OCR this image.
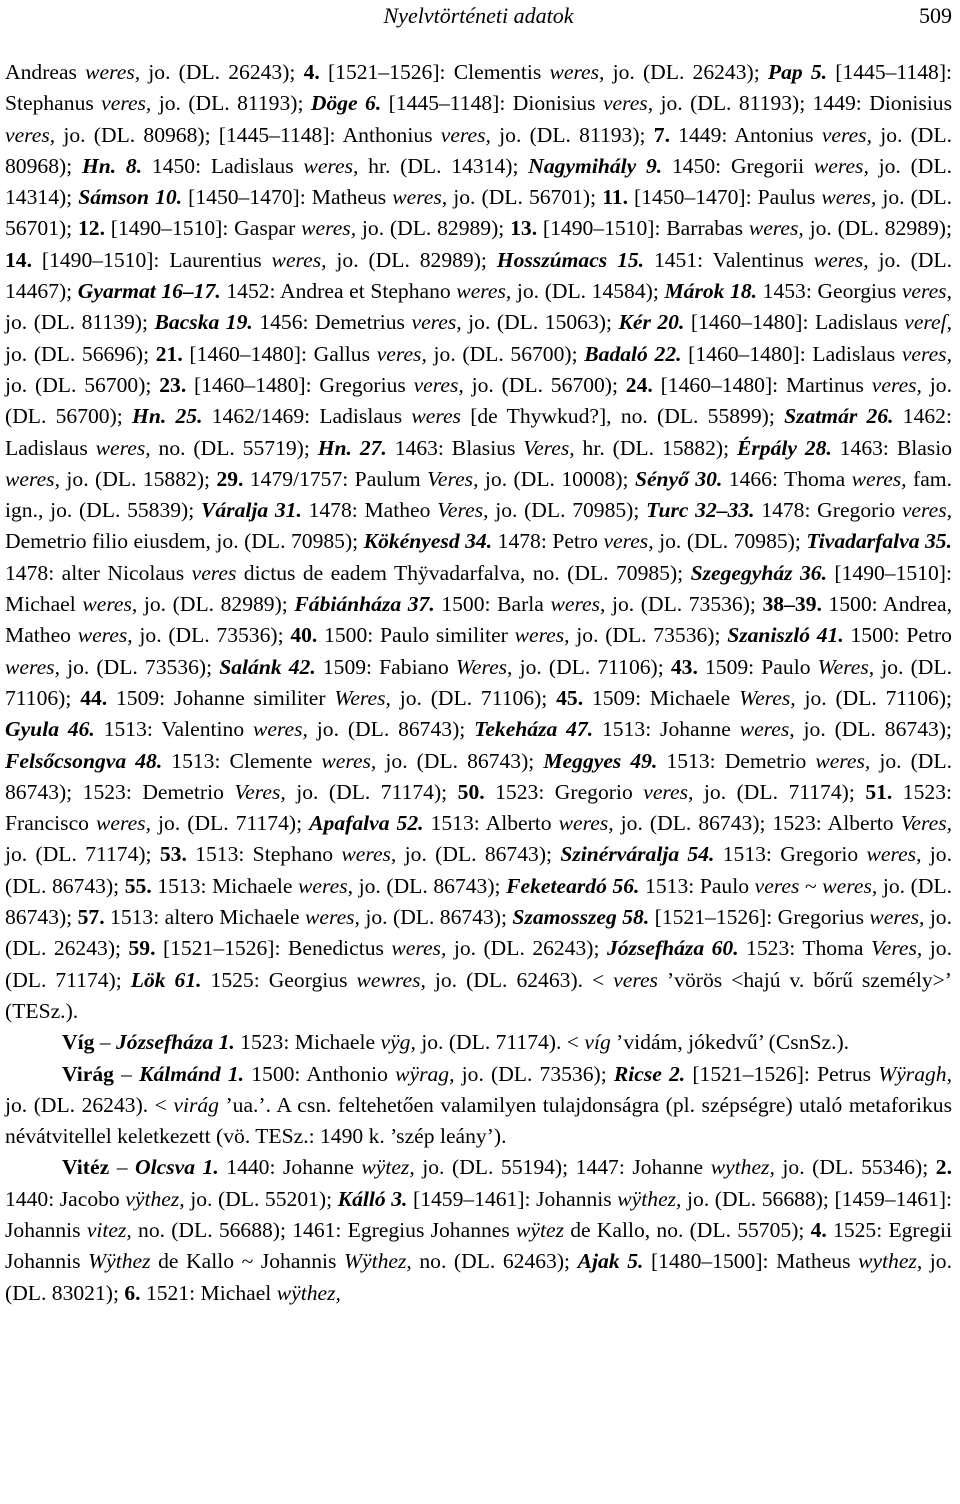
Nyelvtörténeti adatok	509

Andreas weres, jo. (DL. 26243); 4. [1521–1526]: Clementis weres, jo. (DL. 26243); Pap 5. [1445–1148]: Stephanus veres, jo. (DL. 81193); Döge 6. [1445–1148]: Dionisius veres, jo. (DL. 81193); 1449: Dionisius veres, jo. (DL. 80968); [1445–1148]: Anthonius veres, jo. (DL. 81193); 7. 1449: Antonius veres, jo. (DL. 80968); Hn. 8. 1450: Ladislaus weres, hr. (DL. 14314); Nagymihály 9. 1450: Gregorii weres, jo. (DL. 14314); Sámson 10. [1450–1470]: Matheus weres, jo. (DL. 56701); 11. [1450–1470]: Paulus weres, jo. (DL. 56701); 12. [1490–1510]: Gaspar weres, jo. (DL. 82989); 13. [1490–1510]: Barrabas weres, jo. (DL. 82989); 14. [1490–1510]: Laurentius weres, jo. (DL. 82989); Hosszúmacs 15. 1451: Valentinus weres, jo. (DL. 14467); Gyarmat 16–17. 1452: Andrea et Stephano weres, jo. (DL. 14584); Márok 18. 1453: Georgius veres, jo. (DL. 81139); Bacska 19. 1456: Demetrius veres, jo. (DL. 15063); Kér 20. [1460–1480]: Ladislaus vereſ, jo. (DL. 56696); 21. [1460–1480]: Gallus veres, jo. (DL. 56700); Badaló 22. [1460–1480]: Ladislaus veres, jo. (DL. 56700); 23. [1460–1480]: Gregorius veres, jo. (DL. 56700); 24. [1460–1480]: Martinus veres, jo. (DL. 56700); Hn. 25. 1462/1469: Ladislaus weres [de Thywkud?], no. (DL. 55899); Szatmár 26. 1462: Ladislaus weres, no. (DL. 55719); Hn. 27. 1463: Blasius Veres, hr. (DL. 15882); Érpály 28. 1463: Blasio weres, jo. (DL. 15882); 29. 1479/1757: Paulum Veres, jo. (DL. 10008); Sényő 30. 1466: Thoma weres, fam. ign., jo. (DL. 55839); Váralja 31. 1478: Matheo Veres, jo. (DL. 70985); Turc 32–33. 1478: Gregorio veres, Demetrio filio eiusdem, jo. (DL. 70985); Kökényesd 34. 1478: Petro veres, jo. (DL. 70985); Tivadarfalva 35. 1478: alter Nicolaus veres dictus de eadem Thÿvadarfalva, no. (DL. 70985); Szegegyház 36. [1490–1510]: Michael weres, jo. (DL. 82989); Fábiánháza 37. 1500: Barla weres, jo. (DL. 73536); 38–39. 1500: Andrea, Matheo weres, jo. (DL. 73536); 40. 1500: Paulo similiter weres, jo. (DL. 73536); Szaniszló 41. 1500: Petro weres, jo. (DL. 73536); Salánk 42. 1509: Fabiano Weres, jo. (DL. 71106); 43. 1509: Paulo Weres, jo. (DL. 71106); 44. 1509: Johanne similiter Weres, jo. (DL. 71106); 45. 1509: Michaele Weres, jo. (DL. 71106); Gyula 46. 1513: Valentino weres, jo. (DL. 86743); Tekeháza 47. 1513: Johanne weres, jo. (DL. 86743); Felsőcsongva 48. 1513: Clemente weres, jo. (DL. 86743); Meggyes 49. 1513: Demetrio weres, jo. (DL. 86743); 1523: Demetrio Veres, jo. (DL. 71174); 50. 1523: Gregorio veres, jo. (DL. 71174); 51. 1523: Francisco weres, jo. (DL. 71174); Apafalva 52. 1513: Alberto weres, jo. (DL. 86743); 1523: Alberto Veres, jo. (DL. 71174); 53. 1513: Stephano weres, jo. (DL. 86743); Szinérváralja 54. 1513: Gregorio weres, jo. (DL. 86743); 55. 1513: Michaele weres, jo. (DL. 86743); Feketeardó 56. 1513: Paulo veres ~ weres, jo. (DL. 86743); 57. 1513: altero Michaele weres, jo. (DL. 86743); Szamosszeg 58. [1521–1526]: Gregorius weres, jo. (DL. 26243); 59. [1521–1526]: Benedictus weres, jo. (DL. 26243); Józsefháza 60. 1523: Thoma Veres, jo. (DL. 71174); Lök 61. 1525: Georgius wewres, jo. (DL. 62463). < veres ’vörös <hajú v. bőrű személy>’ (TESz.).

Víg – Józsefháza 1. 1523: Michaele vÿg, jo. (DL. 71174). < víg ’vidám, jókedvű’ (CsnSz.).

Virág – Kálmánd 1. 1500: Anthonio wÿrag, jo. (DL. 73536); Ricse 2. [1521–1526]: Petrus Wÿragh, jo. (DL. 26243). < virág ’ua.’. A csn. feltehetően valamilyen tulajdonságra (pl. szépségre) utaló metaforikus névátvitellel keletkezett (vö. TESz.: 1490 k. ’szép leány’).

Vitéz – Olcsva 1. 1440: Johanne wÿtez, jo. (DL. 55194); 1447: Johanne wythez, jo. (DL. 55346); 2. 1440: Jacobo vÿthez, jo. (DL. 55201); Kálló 3. [1459–1461]: Johannis wÿthez, jo. (DL. 56688); [1459–1461]: Johannis vitez, no. (DL. 56688); 1461: Egregius Johannes wÿtez de Kallo, no. (DL. 55705); 4. 1525: Egregii Johannis Wÿthez de Kallo ~ Johannis Wÿthez, no. (DL. 62463); Ajak 5. [1480–1500]: Matheus wythez, jo. (DL. 83021); 6. 1521: Michael wÿthez,
